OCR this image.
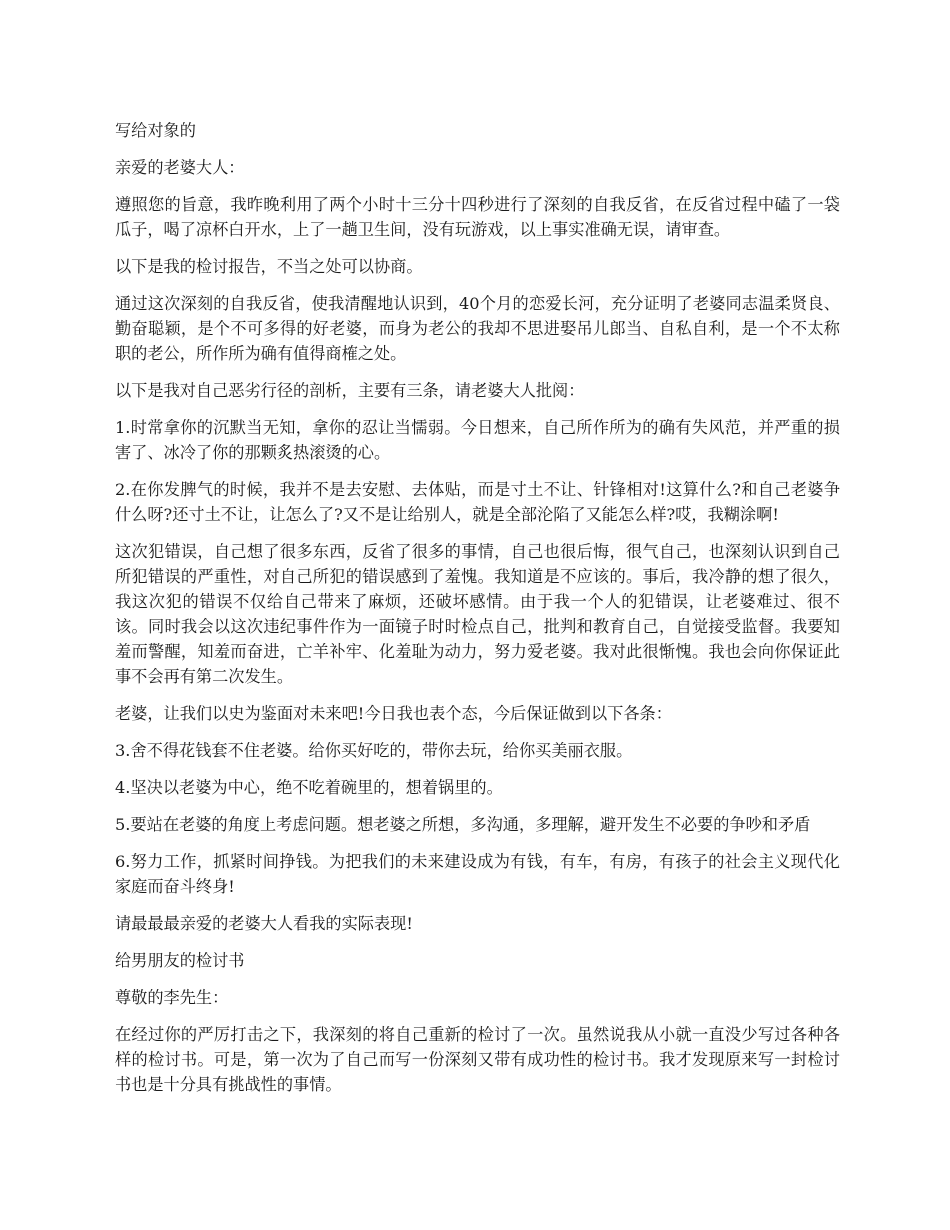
写给对象的

亲爱的老婆大人：

遵照您的旨意，我昨晚利用了两个小时十三分十四秒进行了深刻的自我反省，在反省过程中磕了一袋瓜子，喝了凉杯白开水，上了一趟卫生间，没有玩游戏，以上事实准确无误，请审查。

以下是我的检讨报告，不当之处可以协商。

通过这次深刻的自我反省，使我清醒地认识到，40个月的恋爱长河，充分证明了老婆同志温柔贤良、勤奋聪颖，是个不可多得的好老婆，而身为老公的我却不思进娶吊儿郎当、自私自利，是一个不太称职的老公，所作所为确有值得商榷之处。

以下是我对自己恶劣行径的剖析，主要有三条，请老婆大人批阅：

1.时常拿你的沉默当无知，拿你的忍让当懦弱。今日想来，自己所作所为的确有失风范，并严重的损害了、冰冷了你的那颗炙热滚烫的心。

2.在你发脾气的时候，我并不是去安慰、去体贴，而是寸土不让、针锋相对!这算什么?和自己老婆争什么呀?还寸土不让，让怎么了?又不是让给别人，就是全部沦陷了又能怎么样?哎，我糊涂啊!

这次犯错误，自己想了很多东西，反省了很多的事情，自己也很后悔，很气自己，也深刻认识到自己所犯错误的严重性，对自己所犯的错误感到了羞愧。我知道是不应该的。事后，我冷静的想了很久，我这次犯的错误不仅给自己带来了麻烦，还破坏感情。由于我一个人的犯错误，让老婆难过、很不该。同时我会以这次违纪事件作为一面镜子时时检点自己，批判和教育自己，自觉接受监督。我要知羞而警醒，知羞而奋进，亡羊补牢、化羞耻为动力，努力爱老婆。我对此很惭愧。我也会向你保证此事不会再有第二次发生。

老婆，让我们以史为鉴面对未来吧!今日我也表个态，今后保证做到以下各条：

3.舍不得花钱套不住老婆。给你买好吃的，带你去玩，给你买美丽衣服。

4.坚决以老婆为中心，绝不吃着碗里的，想着锅里的。

5.要站在老婆的角度上考虑问题。想老婆之所想，多沟通，多理解，避开发生不必要的争吵和矛盾

6.努力工作，抓紧时间挣钱。为把我们的未来建设成为有钱，有车，有房，有孩子的社会主义现代化家庭而奋斗终身!

请最最最亲爱的老婆大人看我的实际表现!

给男朋友的检讨书

尊敬的李先生：

在经过你的严厉打击之下，我深刻的将自己重新的检讨了一次。虽然说我从小就一直没少写过各种各样的检讨书。可是，第一次为了自己而写一份深刻又带有成功性的检讨书。我才发现原来写一封检讨书也是十分具有挑战性的事情。
